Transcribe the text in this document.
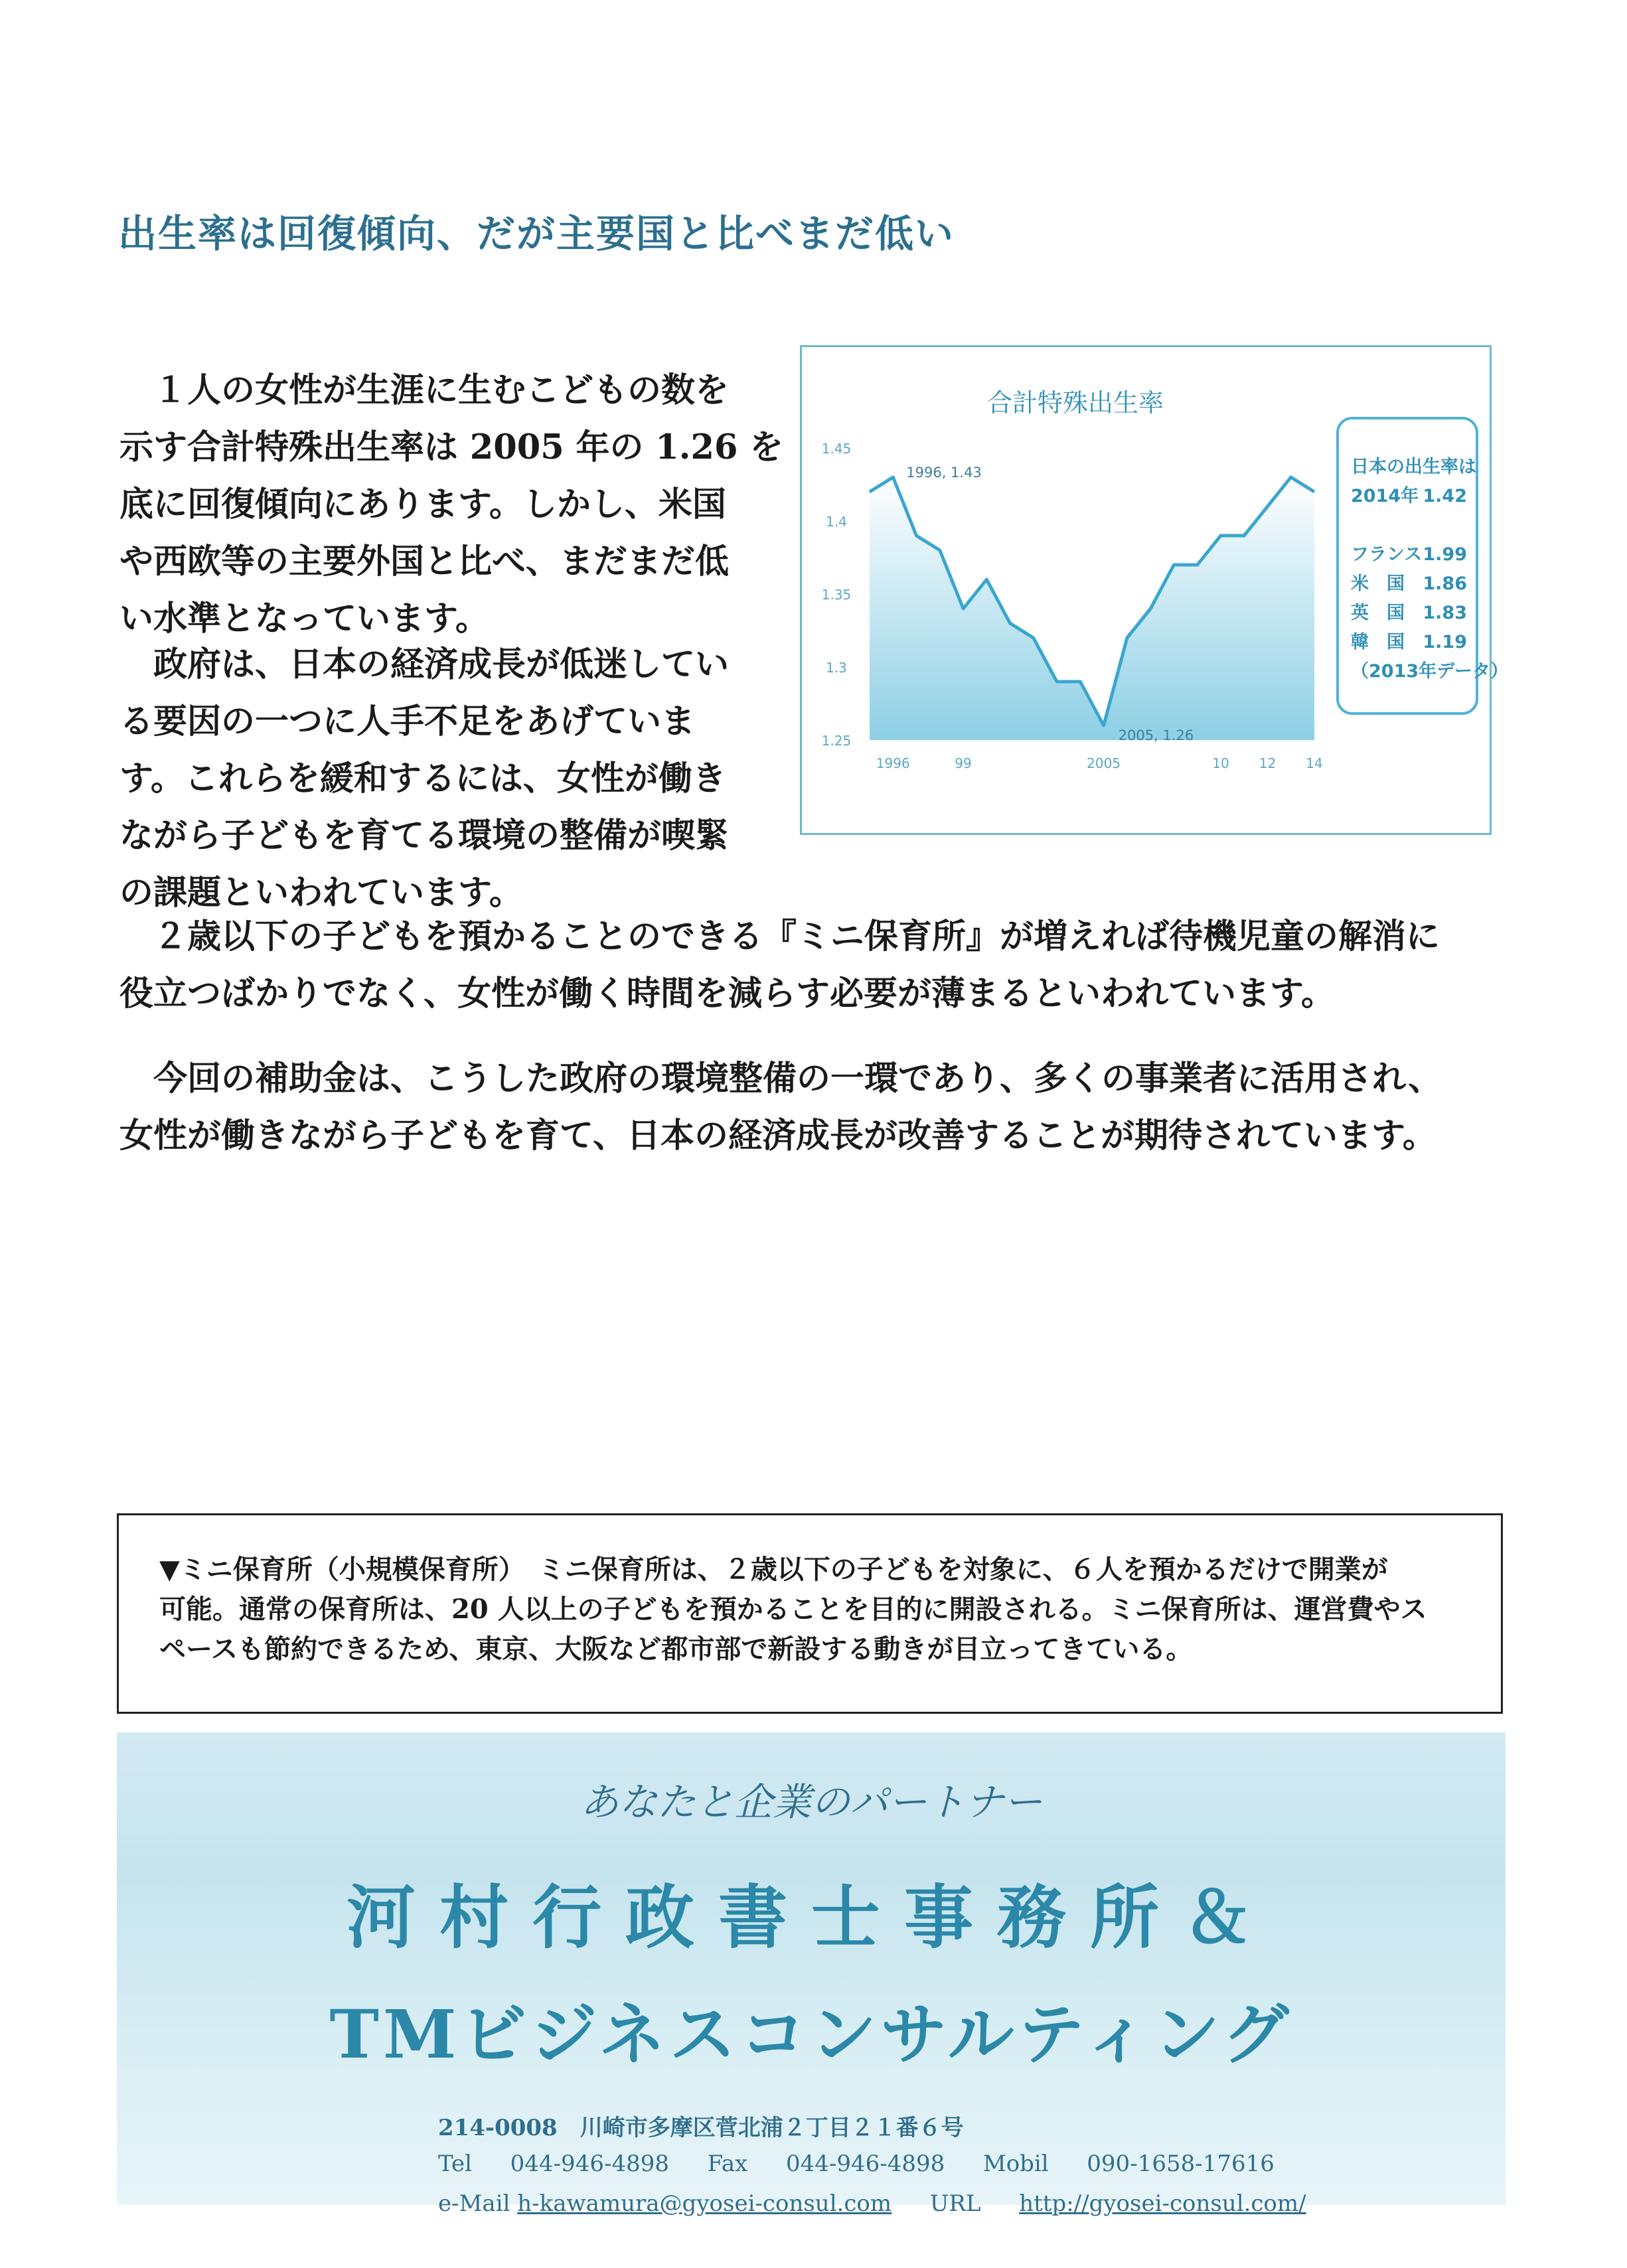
出生率は回復傾向、だが主要国と比べまだ低い
　１人の女性が生涯に生むこどもの数を
示す合計特殊出生率は 2005 年の 1.26 を
底に回復傾向にあります。しかし、米国
や西欧等の主要外国と比べ、まだまだ低
い水準となっています。
　政府は、日本の経済成長が低迷してい
る要因の一つに人手不足をあげていま
す。これらを緩和するには、女性が働き
ながら子どもを育てる環境の整備が喫緊
の課題といわれています。
合計特殊出生率
1.45
1.4
1.35
1.3
1.25
1996	99	2005	10 12 14
1996, 1.43
2005, 1.26
日本の出生率は
2014年 1.42
フランス 1.99
米　国 1.86
英　国 1.83
韓　国 1.19
（2013年データ）
　２歳以下の子どもを預かることのできる『ミニ保育所』が増えれば待機児童の解消に
役立つばかりでなく、女性が働く時間を減らす必要が薄まるといわれています。
　今回の補助金は、こうした政府の環境整備の一環であり、多くの事業者に活用され、
女性が働きながら子どもを育て、日本の経済成長が改善することが期待されています。
▼ミニ保育所（小規模保育所）　ミニ保育所は、２歳以下の子どもを対象に、６人を預かるだけで開業が
可能。通常の保育所は、20 人以上の子どもを預かることを目的に開設される。ミニ保育所は、運営費やス
ペースも節約できるため、東京、大阪など都市部で新設する動きが目立ってきている。
あなたと企業のパートナー
河村行政書士事務所＆
TMビジネスコンサルティング
214-0008　川崎市多摩区菅北浦２丁目２１番６号
Tel 044-946-4898 Fax 044-946-4898 Mobil 090-1658-17616
e-Mail h-kawamura@gyosei-consul.com URL http://gyosei-consul.com/
